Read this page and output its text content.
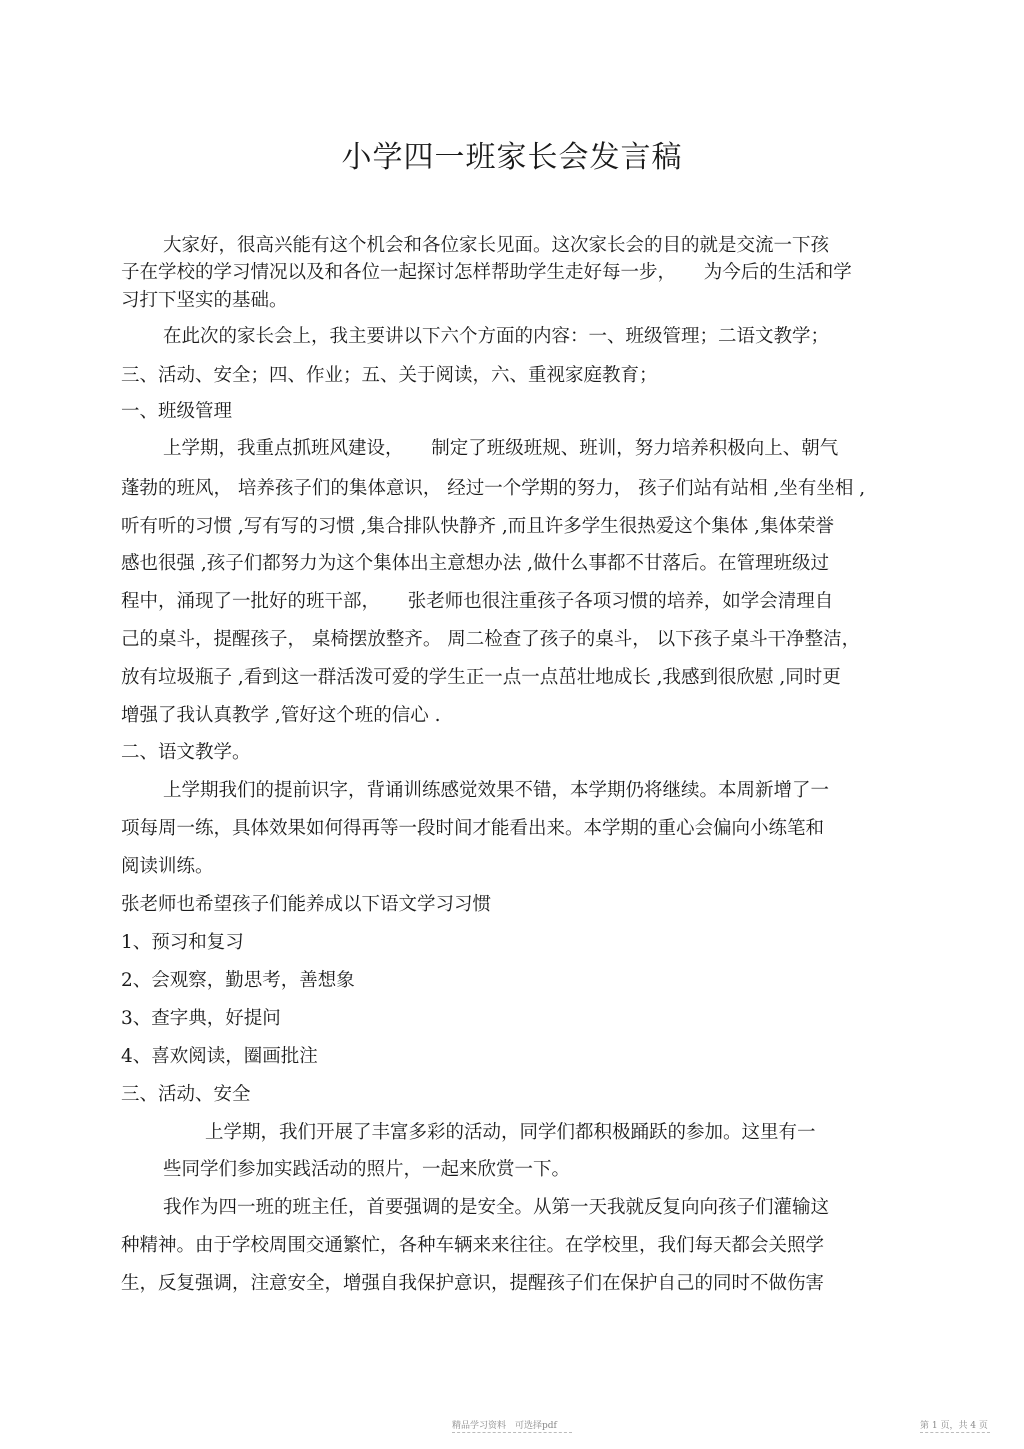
小学四一班家长会发言稿
大家好，很高兴能有这个机会和各位家长见面。这次家长会的目的就是交流一下孩
子在学校的学习情况以及和各位一起探讨怎样帮助学生走好每一步，　　为今后的生活和学
习打下坚实的基础。
在此次的家长会上，我主要讲以下六个方面的内容：一、班级管理；二语文教学；
三、活动、安全；四、作业；五、关于阅读，六、重视家庭教育；
一、班级管理
上学期，我重点抓班风建设，　　制定了班级班规、班训，努力培养积极向上、朝气
蓬勃的班风， 培养孩子们的集体意识， 经过一个学期的努力， 孩子们站有站相 ,坐有坐相 ,
听有听的习惯 ,写有写的习惯 ,集合排队快静齐 ,而且许多学生很热爱这个集体 ,集体荣誉
感也很强 ,孩子们都努力为这个集体出主意想办法 ,做什么事都不甘落后。在管理班级过
程中，涌现了一批好的班干部，　　张老师也很注重孩子各项习惯的培养，如学会清理自
己的桌斗，提醒孩子， 桌椅摆放整齐。 周二检查了孩子的桌斗， 以下孩子桌斗干净整洁，
放有垃圾瓶子 ,看到这一群活泼可爱的学生正一点一点茁壮地成长 ,我感到很欣慰 ,同时更
增强了我认真教学 ,管好这个班的信心 .
二、语文教学。
上学期我们的提前识字，背诵训练感觉效果不错，本学期仍将继续。本周新增了一
项每周一练，具体效果如何得再等一段时间才能看出来。本学期的重心会偏向小练笔和
阅读训练。
张老师也希望孩子们能养成以下语文学习习惯
1、预习和复习
2、会观察，勤思考，善想象
3、查字典，好提问
4、喜欢阅读，圈画批注
三、活动、安全
上学期，我们开展了丰富多彩的活动，同学们都积极踊跃的参加。这里有一
些同学们参加实践活动的照片，一起来欣赏一下。
我作为四一班的班主任，首要强调的是安全。从第一天我就反复向向孩子们灌输这
种精神。由于学校周围交通繁忙，各种车辆来来往往。在学校里，我们每天都会关照学
生，反复强调，注意安全，增强自我保护意识，提醒孩子们在保护自己的同时不做伤害
精品学习资料　可选择pdf	第 1 页，共 4 页
